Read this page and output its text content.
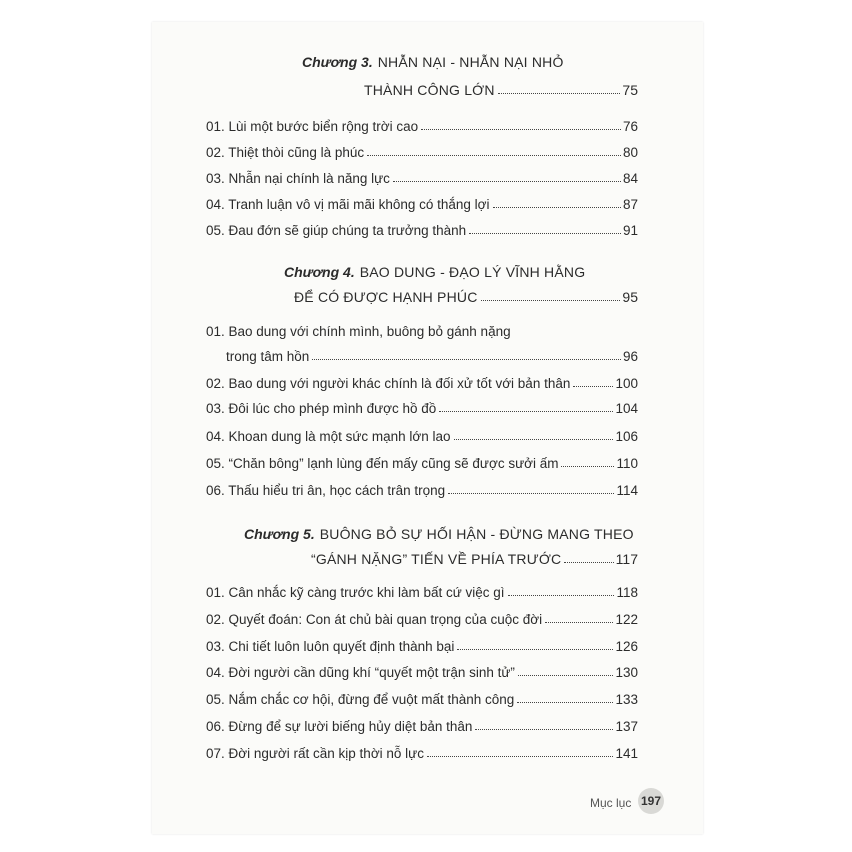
Chương 3. NHẪN NẠI - NHẪN NẠI NHỎ
THÀNH CÔNG LỚN	75
01. Lùi một bước biển rộng trời cao	76
02. Thiệt thòi cũng là phúc	80
03. Nhẫn nại chính là năng lực	84
04. Tranh luận vô vị mãi mãi không có thắng lợi	87
05. Đau đớn sẽ giúp chúng ta trưởng thành	91
Chương 4. BAO DUNG - ĐẠO LÝ VĨNH HẰNG
ĐỂ CÓ ĐƯỢC HẠNH PHÚC	95
01. Bao dung với chính mình, buông bỏ gánh nặng
trong tâm hồn	96
02. Bao dung với người khác chính là đối xử tốt với bản thân	100
03. Đôi lúc cho phép mình được hồ đồ	104
04. Khoan dung là một sức mạnh lớn lao	106
05. “Chăn bông” lạnh lùng đến mấy cũng sẽ được sưởi ấm	110
06. Thấu hiểu tri ân, học cách trân trọng	114
Chương 5. BUÔNG BỎ SỰ HỐI HẬN - ĐỪNG MANG THEO
“GÁNH NẶNG” TIẾN VỀ PHÍA TRƯỚC	117
01. Cân nhắc kỹ càng trước khi làm bất cứ việc gì	118
02. Quyết đoán: Con át chủ bài quan trọng của cuộc đời	122
03. Chi tiết luôn luôn quyết định thành bại	126
04. Đời người cần dũng khí “quyết một trận sinh tử”	130
05. Nắm chắc cơ hội, đừng để vuột mất thành công	133
06. Đừng để sự lười biếng hủy diệt bản thân	137
07. Đời người rất cần kịp thời nỗ lực	141
Mục lục 197
